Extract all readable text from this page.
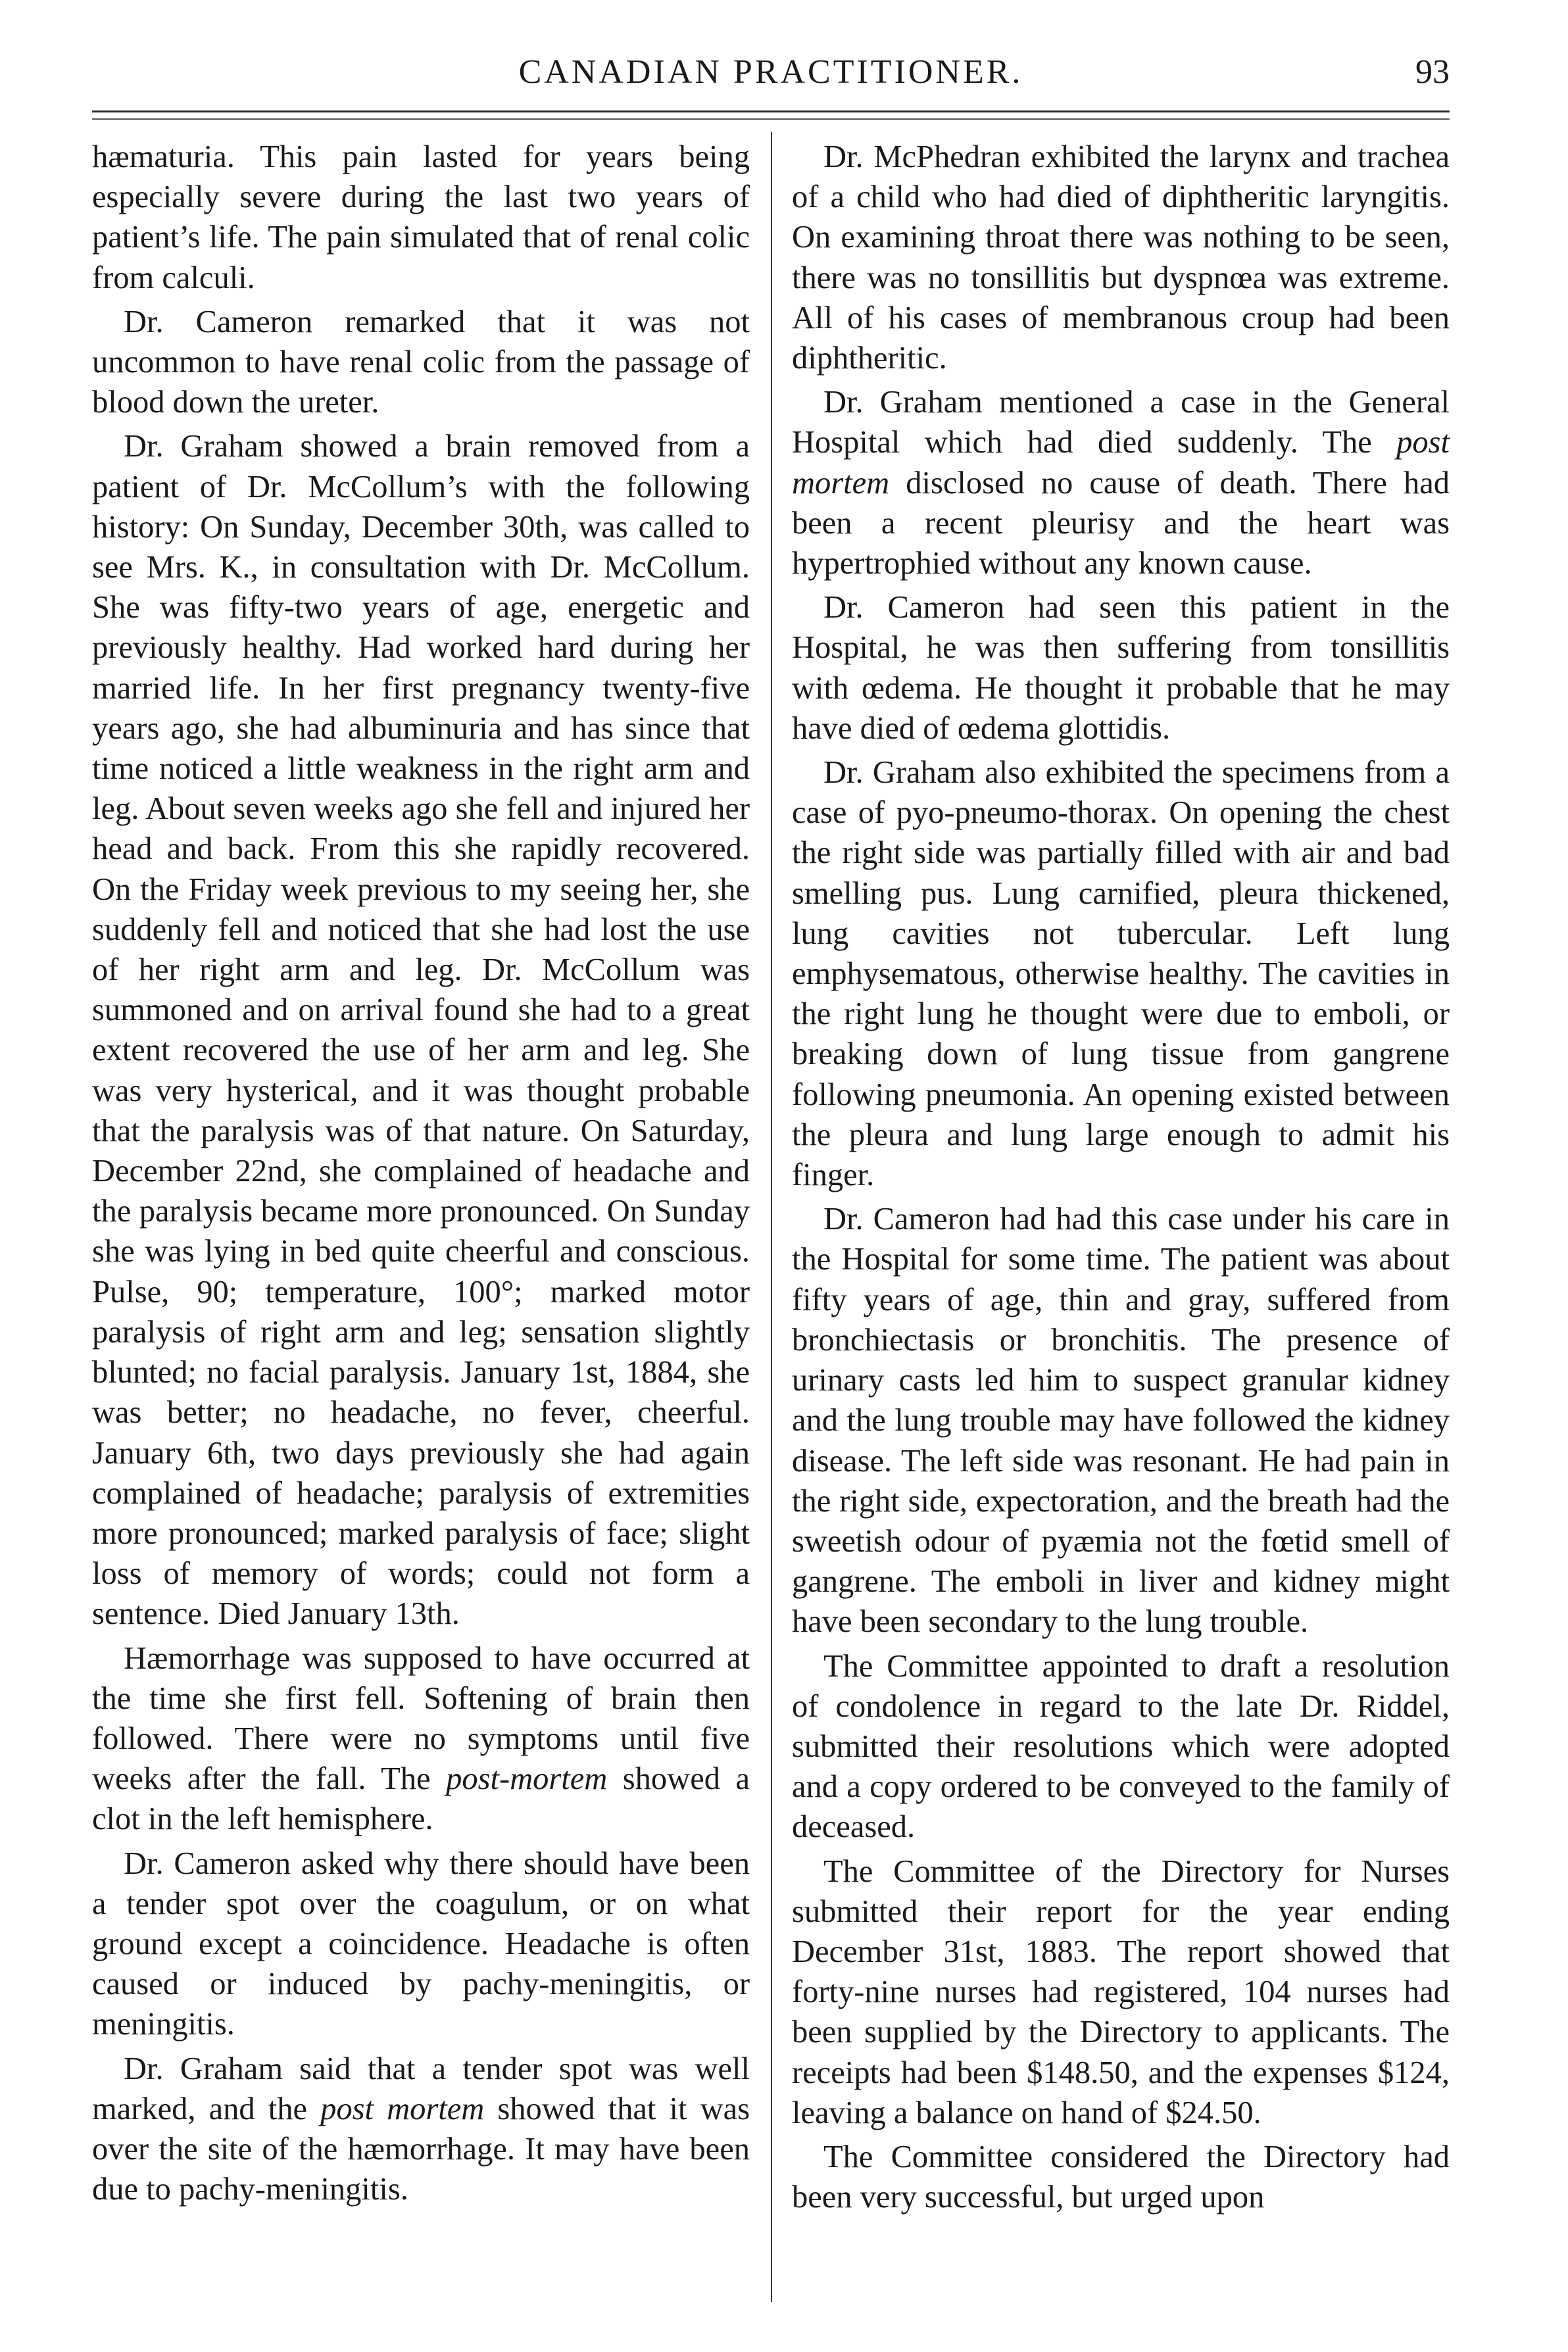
CANADIAN PRACTITIONER.	93

hæmaturia. This pain lasted for years being especially severe during the last two years of patient’s life. The pain simulated that of renal colic from calculi.

Dr. Cameron remarked that it was not uncommon to have renal colic from the passage of blood down the ureter.

Dr. Graham showed a brain removed from a patient of Dr. McCollum’s with the following history: On Sunday, December 30th, was called to see Mrs. K., in consultation with Dr. McCollum. She was fifty-two years of age, energetic and previously healthy. Had worked hard during her married life. In her first pregnancy twenty-five years ago, she had albuminuria and has since that time noticed a little weakness in the right arm and leg. About seven weeks ago she fell and injured her head and back. From this she rapidly recovered. On the Friday week previous to my seeing her, she suddenly fell and noticed that she had lost the use of her right arm and leg. Dr. McCollum was summoned and on arrival found she had to a great extent recovered the use of her arm and leg. She was very hysterical, and it was thought probable that the paralysis was of that nature. On Saturday, December 22nd, she complained of headache and the paralysis became more pronounced. On Sunday she was lying in bed quite cheerful and conscious. Pulse, 90; temperature, 100°; marked motor paralysis of right arm and leg; sensation slightly blunted; no facial paralysis. January 1st, 1884, she was better; no headache, no fever, cheerful. January 6th, two days previously she had again complained of headache; paralysis of extremities more pronounced; marked paralysis of face; slight loss of memory of words; could not form a sentence. Died January 13th.

Hæmorrhage was supposed to have occurred at the time she first fell. Softening of brain then followed. There were no symptoms until five weeks after the fall. The post-mortem showed a clot in the left hemisphere.

Dr. Cameron asked why there should have been a tender spot over the coagulum, or on what ground except a coincidence. Headache is often caused or induced by pachy-meningitis, or meningitis.

Dr. Graham said that a tender spot was well marked, and the post mortem showed that it was over the site of the hæmorrhage. It may have been due to pachy-meningitis.

Dr. McPhedran exhibited the larynx and trachea of a child who had died of diphtheritic laryngitis. On examining throat there was nothing to be seen, there was no tonsillitis but dyspnœa was extreme. All of his cases of membranous croup had been diphtheritic.

Dr. Graham mentioned a case in the General Hospital which had died suddenly. The post mortem disclosed no cause of death. There had been a recent pleurisy and the heart was hypertrophied without any known cause.

Dr. Cameron had seen this patient in the Hospital, he was then suffering from tonsillitis with œdema. He thought it probable that he may have died of œdema glottidis.

Dr. Graham also exhibited the specimens from a case of pyo-pneumo-thorax. On opening the chest the right side was partially filled with air and bad smelling pus. Lung carnified, pleura thickened, lung cavities not tubercular. Left lung emphysematous, otherwise healthy. The cavities in the right lung he thought were due to emboli, or breaking down of lung tissue from gangrene following pneumonia. An opening existed between the pleura and lung large enough to admit his finger.

Dr. Cameron had had this case under his care in the Hospital for some time. The patient was about fifty years of age, thin and gray, suffered from bronchiectasis or bronchitis. The presence of urinary casts led him to suspect granular kidney and the lung trouble may have followed the kidney disease. The left side was resonant. He had pain in the right side, expectoration, and the breath had the sweetish odour of pyæmia not the fœtid smell of gangrene. The emboli in liver and kidney might have been secondary to the lung trouble.

The Committee appointed to draft a resolution of condolence in regard to the late Dr. Riddel, submitted their resolutions which were adopted and a copy ordered to be conveyed to the family of deceased.

The Committee of the Directory for Nurses submitted their report for the year ending December 31st, 1883. The report showed that forty-nine nurses had registered, 104 nurses had been supplied by the Directory to applicants. The receipts had been $148.50, and the expenses $124, leaving a balance on hand of $24.50.

The Committee considered the Directory had been very successful, but urged upon
